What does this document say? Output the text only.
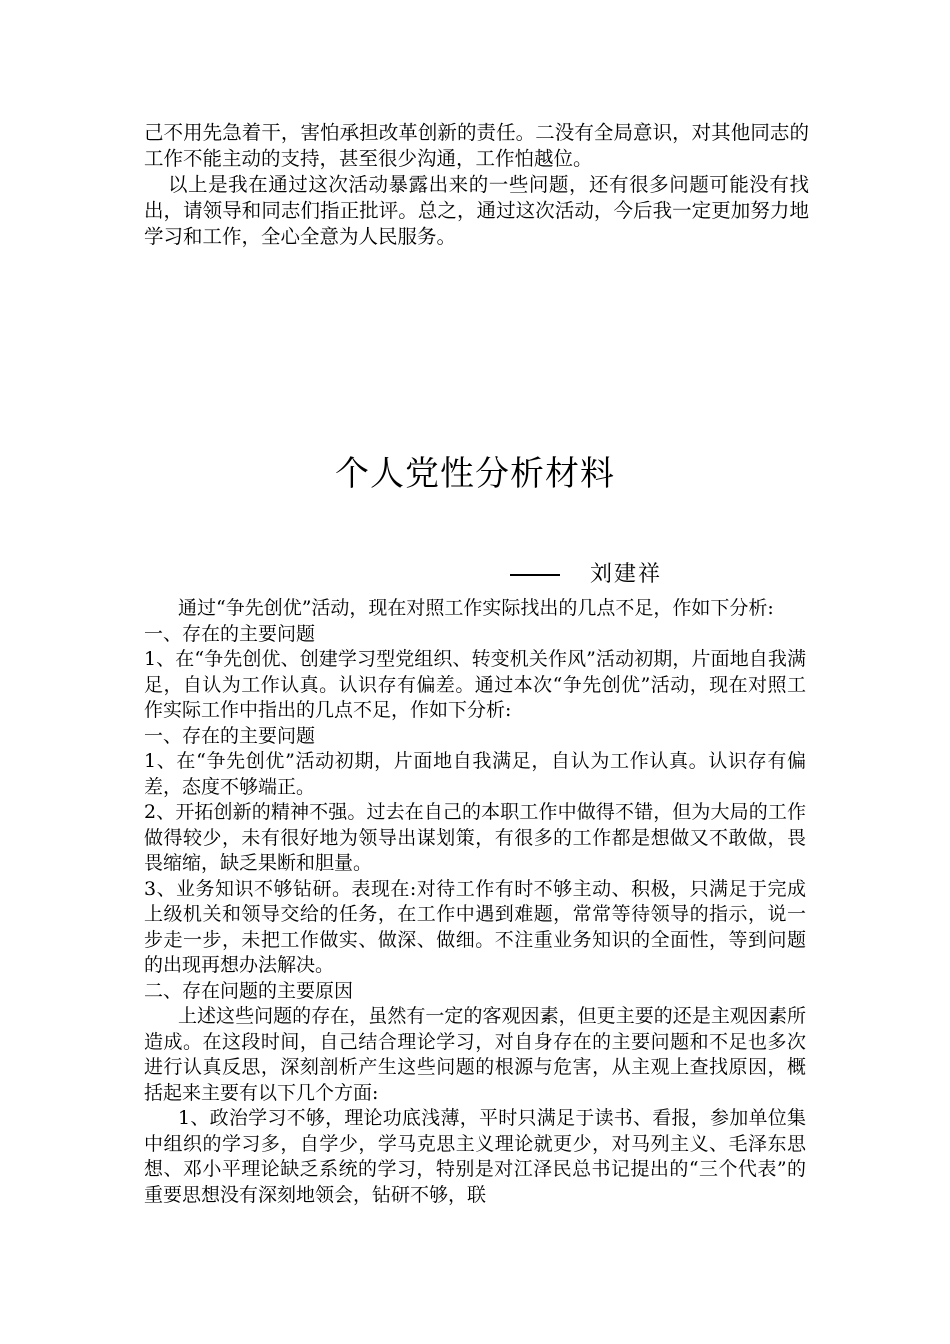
己不用先急着干，害怕承担改革创新的责任。二没有全局意识，对其他同志的工作不能主动的支持，甚至很少沟通，工作怕越位。

以上是我在通过这次活动暴露出来的一些问题，还有很多问题可能没有找出，请领导和同志们指正批评。总之，通过这次活动，今后我一定更加努力地学习和工作，全心全意为人民服务。

个人党性分析材料
刘建祥

通过“争先创优”活动，现在对照工作实际找出的几点不足，作如下分析:

一、存在的主要问题

1、在“争先创优、创建学习型党组织、转变机关作风”活动初期，片面地自我满足，自认为工作认真。认识存有偏差。通过本次“争先创优”活动，现在对照工作实际工作中指出的几点不足，作如下分析:

一、存在的主要问题

1、在“争先创优”活动初期，片面地自我满足，自认为工作认真。认识存有偏差，态度不够端正。

2、开拓创新的精神不强。过去在自己的本职工作中做得不错，但为大局的工作做得较少，未有很好地为领导出谋划策，有很多的工作都是想做又不敢做，畏畏缩缩，缺乏果断和胆量。

3、业务知识不够钻研。表现在:对待工作有时不够主动、积极，只满足于完成上级机关和领导交给的任务，在工作中遇到难题，常常等待领导的指示，说一步走一步，未把工作做实、做深、做细。不注重业务知识的全面性，等到问题的出现再想办法解决。

二、存在问题的主要原因

上述这些问题的存在，虽然有一定的客观因素，但更主要的还是主观因素所造成。在这段时间，自己结合理论学习，对自身存在的主要问题和不足也多次进行认真反思，深刻剖析产生这些问题的根源与危害，从主观上查找原因，概括起来主要有以下几个方面:

1、政治学习不够，理论功底浅薄，平时只满足于读书、看报，参加单位集中组织的学习多，自学少，学马克思主义理论就更少，对马列主义、毛泽东思想、邓小平理论缺乏系统的学习，特别是对江泽民总书记提出的“三个代表”的重要思想没有深刻地领会，钻研不够，联
